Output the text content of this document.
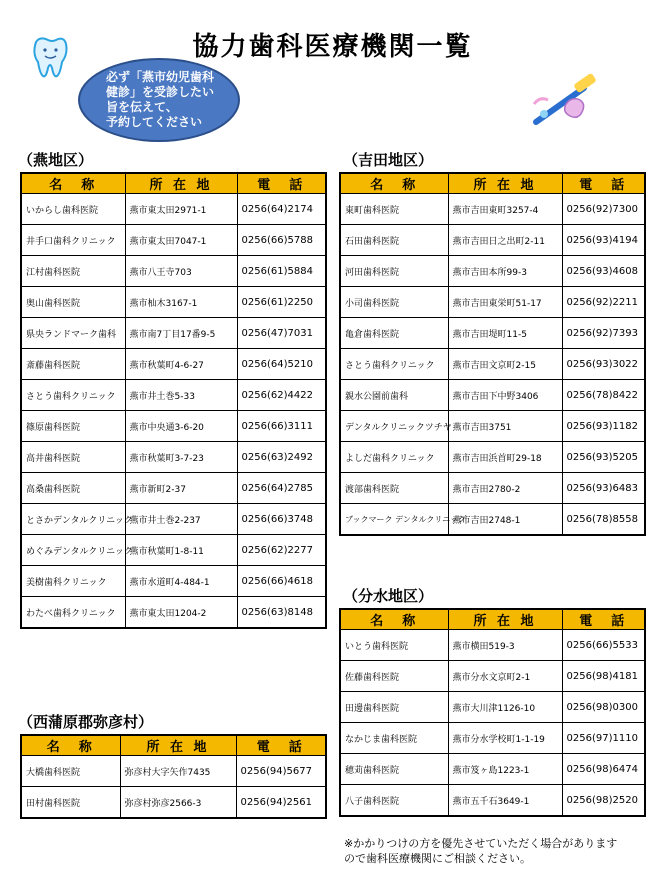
協力歯科医療機関一覧
必ず「燕市幼児歯科
健診」を受診したい
旨を伝えて、
予約してください
（燕地区）
名　称	所 在 地	電　話
いからし歯科医院	燕市東太田2971-1	0256(64)2174
井手口歯科クリニック	燕市東太田7047-1	0256(66)5788
江村歯科医院	燕市八王寺703	0256(61)5884
奥山歯科医院	燕市杣木3167-1	0256(61)2250
県央ランドマーク歯科	燕市南7丁目17番9-5	0256(47)7031
斎藤歯科医院	燕市秋葉町4-6-27	0256(64)5210
さとう歯科クリニック	燕市井土巻5-33	0256(62)4422
篠原歯科医院	燕市中央通3-6-20	0256(66)3111
高井歯科医院	燕市秋葉町3-7-23	0256(63)2492
高桑歯科医院	燕市新町2-37	0256(64)2785
とさかデンタルクリニック	燕市井土巻2-237	0256(66)3748
めぐみデンタルクリニック	燕市秋葉町1-8-11	0256(62)2277
美樹歯科クリニック	燕市水道町4-484-1	0256(66)4618
わたべ歯科クリニック	燕市東太田1204-2	0256(63)8148
（吉田地区）
名　称	所 在 地	電　話
東町歯科医院	燕市吉田東町3257-4	0256(92)7300
石田歯科医院	燕市吉田日之出町2-11	0256(93)4194
河田歯科医院	燕市吉田本所99-3	0256(93)4608
小司歯科医院	燕市吉田東栄町51-17	0256(92)2211
亀倉歯科医院	燕市吉田堤町11-5	0256(92)7393
さとう歯科クリニック	燕市吉田文京町2-15	0256(93)3022
親水公園前歯科	燕市吉田下中野3406	0256(78)8422
デンタルクリニックツチヤ	燕市吉田3751	0256(93)1182
よしだ歯科クリニック	燕市吉田浜首町29-18	0256(93)5205
渡部歯科医院	燕市吉田2780-2	0256(93)6483
ブックマーク デンタルクリニック	燕市吉田2748-1	0256(78)8558
（分水地区）
名　称	所 在 地	電　話
いとう歯科医院	燕市横田519-3	0256(66)5533
佐藤歯科医院	燕市分水文京町2-1	0256(98)4181
田邊歯科医院	燕市大川津1126-10	0256(98)0300
なかじま歯科医院	燕市分水学校町1-1-19	0256(97)1110
穂苅歯科医院	燕市笈ヶ島1223-1	0256(98)6474
八子歯科医院	燕市五千石3649-1	0256(98)2520
（西蒲原郡弥彦村）
名　称	所 在 地	電　話
大橋歯科医院	弥彦村大字矢作7435	0256(94)5677
田村歯科医院	弥彦村弥彦2566-3	0256(94)2561
※かかりつけの方を優先させていただく場合があります
ので歯科医療機関にご相談ください。
